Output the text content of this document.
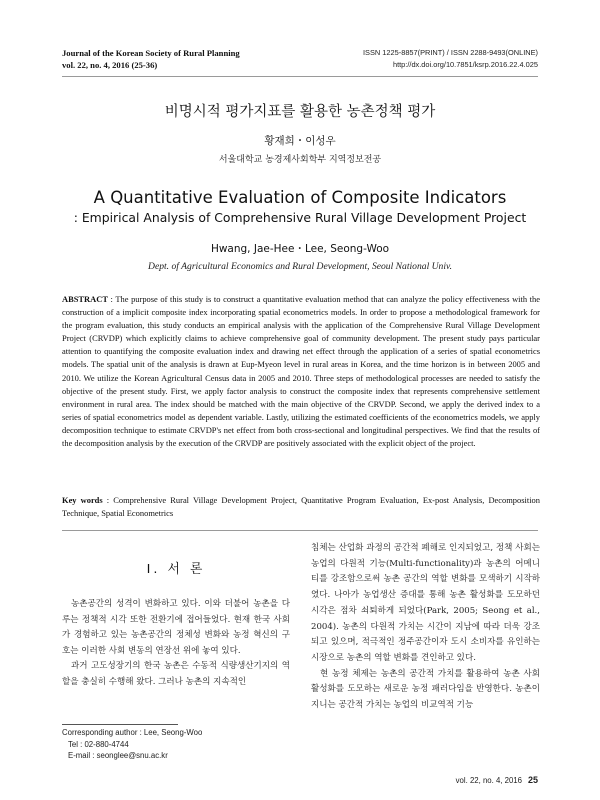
Journal of the Korean Society of Rural Planning
vol. 22, no. 4, 2016 (25-36)
ISSN 1225-8857(PRINT) / ISSN 2288-9493(ONLINE)
http://dx.doi.org/10.7851/ksrp.2016.22.4.025
비명시적 평가지표를 활용한 농촌정책 평가
황재희・이성우
서울대학교 농경제사회학부 지역정보전공
A Quantitative Evaluation of Composite Indicators
: Empirical Analysis of Comprehensive Rural Village Development Project
Hwang, Jae-Hee・Lee, Seong-Woo
Dept. of Agricultural Economics and Rural Development, Seoul National Univ.

ABSTRACT : The purpose of this study is to construct a quantitative evaluation method that can analyze the policy effectiveness with the construction of a implicit composite index incorporating spatial econometrics models. In order to propose a methodological framework for the program evaluation, this study conducts an empirical analysis with the application of the Comprehensive Rural Village Development Project (CRVDP) which explicitly claims to achieve comprehensive goal of community development. The present study pays particular attention to quantifying the composite evaluation index and drawing net effect through the application of a series of spatial econometrics models. The spatial unit of the analysis is drawn at Eup-Myeon level in rural areas in Korea, and the time horizon is in between 2005 and 2010. We utilize the Korean Agricultural Census data in 2005 and 2010. Three steps of methodological processes are needed to satisfy the objective of the present study. First, we apply factor analysis to construct the composite index that represents comprehensive settlement environment in rural area. The index should be matched with the main objective of the CRVDP. Second, we apply the derived index to a series of spatial econometrics model as dependent variable. Lastly, utilizing the estimated coefficients of the econometrics models, we apply decomposition technique to estimate CRVDP's net effect from both cross-sectional and longitudinal perspectives. We find that the results of the decomposition analysis by the execution of the CRVDP are positively associated with the explicit object of the project.

Key words : Comprehensive Rural Village Development Project, Quantitative Program Evaluation, Ex-post Analysis, Decomposition Technique, Spatial Econometrics

Ⅰ. 서 론

농촌공간의 성격이 변화하고 있다. 이와 더불어 농촌을 다루는 정책적 시각 또한 전환기에 접어들었다. 현재 한국 사회가 경험하고 있는 농촌공간의 정체성 변화와 농정 혁신의 구호는 이러한 사회 변동의 연장선 위에 놓여 있다.

과거 고도성장기의 한국 농촌은 수동적 식량생산기지의 역할을 충실히 수행해 왔다. 그러나 농촌의 지속적인

침체는 산업화 과정의 공간적 폐해로 인지되었고, 정책 사회는 농업의 다원적 기능(Multi-functionality)과 농촌의 어메니티를 강조함으로써 농촌 공간의 역할 변화를 모색하기 시작하였다. 나아가 농업생산 증대를 통해 농촌 활성화를 도모하던 시각은 점차 쇠퇴하게 되었다(Park, 2005; Seong et al., 2004). 농촌의 다원적 가치는 시간이 지남에 따라 더욱 강조되고 있으며, 적극적인 정주공간이자 도시 소비자를 유인하는 시장으로 농촌의 역할 변화를 견인하고 있다.

현 농정 체제는 농촌의 공간적 가치를 활용하여 농촌 사회 활성화를 도모하는 새로운 농정 패러다임을 반영한다. 농촌이 지니는 공간적 가치는 농업의 비교역적 기능

Corresponding author : Lee, Seong-Woo
Tel : 02-880-4744
E-mail : seonglee@snu.ac.kr
vol. 22, no. 4, 2016 25
